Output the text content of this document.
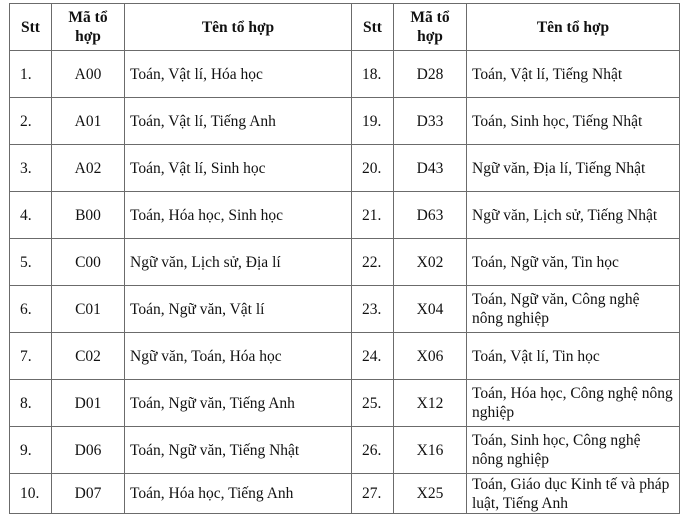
Stt	Mã tổ hợp	Tên tổ hợp	Stt	Mã tổ hợp	Tên tổ hợp
1.	A00	Toán, Vật lí, Hóa học	18.	D28	Toán, Vật lí, Tiếng Nhật
2.	A01	Toán, Vật lí, Tiếng Anh	19.	D33	Toán, Sinh học, Tiếng Nhật
3.	A02	Toán, Vật lí, Sinh học	20.	D43	Ngữ văn, Địa lí, Tiếng Nhật
4.	B00	Toán, Hóa học, Sinh học	21.	D63	Ngữ văn, Lịch sử, Tiếng Nhật
5.	C00	Ngữ văn, Lịch sử, Địa lí	22.	X02	Toán, Ngữ văn, Tin học
6.	C01	Toán, Ngữ văn, Vật lí	23.	X04	Toán, Ngữ văn, Công nghệ nông nghiệp
7.	C02	Ngữ văn, Toán, Hóa học	24.	X06	Toán, Vật lí, Tin học
8.	D01	Toán, Ngữ văn, Tiếng Anh	25.	X12	Toán, Hóa học, Công nghệ nông nghiệp
9.	D06	Toán, Ngữ văn, Tiếng Nhật	26.	X16	Toán, Sinh học, Công nghệ nông nghiệp
10.	D07	Toán, Hóa học, Tiếng Anh	27.	X25	Toán, Giáo dục Kinh tế và pháp luật, Tiếng Anh
